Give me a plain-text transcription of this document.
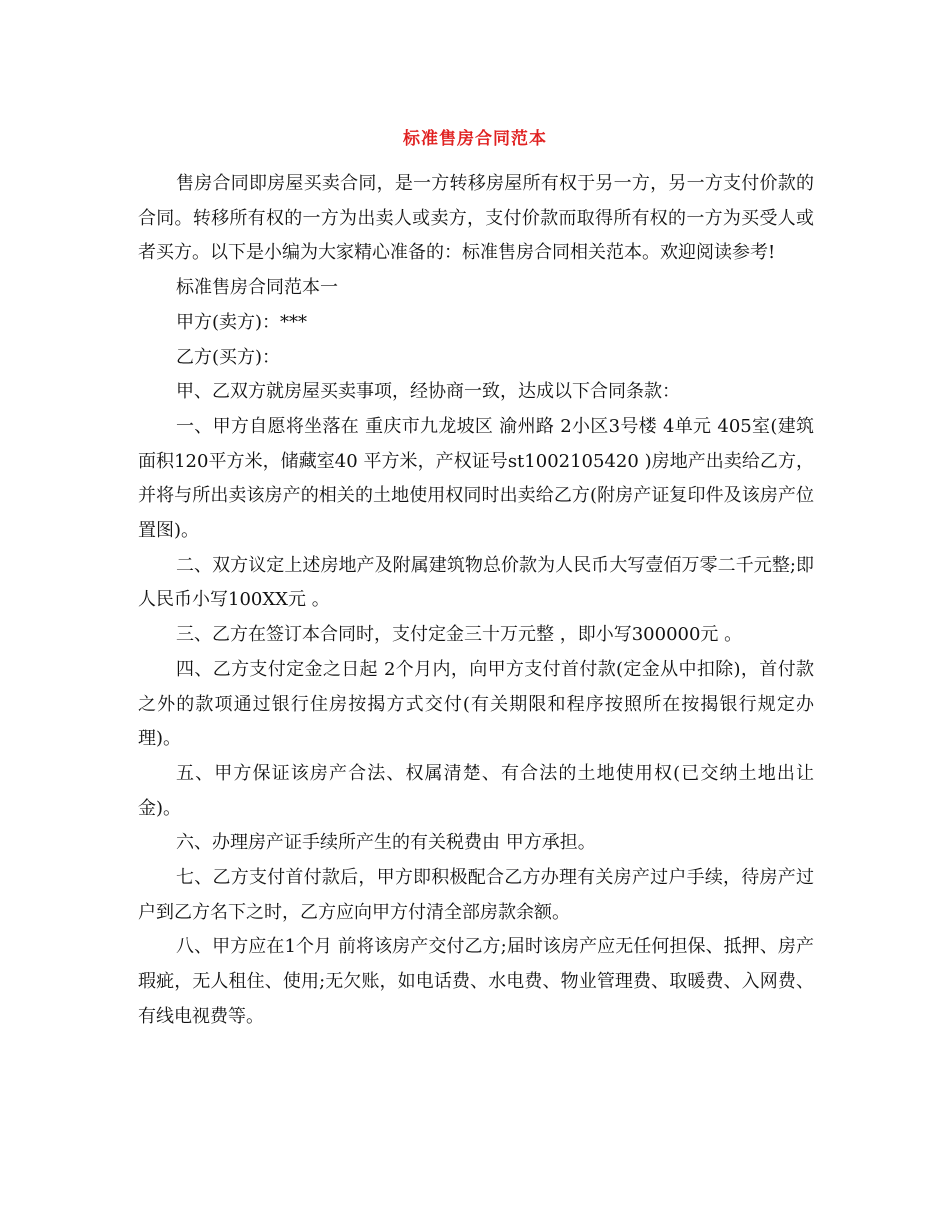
标准售房合同范本

售房合同即房屋买卖合同，是一方转移房屋所有权于另一方，另一方支付价款的合同。转移所有权的一方为出卖人或卖方，支付价款而取得所有权的一方为买受人或者买方。以下是小编为大家精心准备的：标准售房合同相关范本。欢迎阅读参考!

标准售房合同范本一

甲方(卖方)：***

乙方(买方)：

甲、乙双方就房屋买卖事项，经协商一致，达成以下合同条款：

一、甲方自愿将坐落在 重庆市九龙坡区 渝州路 2小区3号楼 4单元 405室(建筑面积120平方米，储藏室40 平方米，产权证号st1002105420 )房地产出卖给乙方，并将与所出卖该房产的相关的土地使用权同时出卖给乙方(附房产证复印件及该房产位置图)。

二、双方议定上述房地产及附属建筑物总价款为人民币大写壹佰万零二千元整;即人民币小写100XX元 。

三、乙方在签订本合同时，支付定金三十万元整 ，即小写300000元 。

四、乙方支付定金之日起 2个月内，向甲方支付首付款(定金从中扣除)，首付款之外的款项通过银行住房按揭方式交付(有关期限和程序按照所在按揭银行规定办理)。

五、甲方保证该房产合法、权属清楚、有合法的土地使用权(已交纳土地出让金)。

六、办理房产证手续所产生的有关税费由 甲方承担。

七、乙方支付首付款后，甲方即积极配合乙方办理有关房产过户手续，待房产过户到乙方名下之时，乙方应向甲方付清全部房款余额。

八、甲方应在1个月 前将该房产交付乙方;届时该房产应无任何担保、抵押、房产瑕疵，无人租住、使用;无欠账，如电话费、水电费、物业管理费、取暖费、入网费、有线电视费等。
